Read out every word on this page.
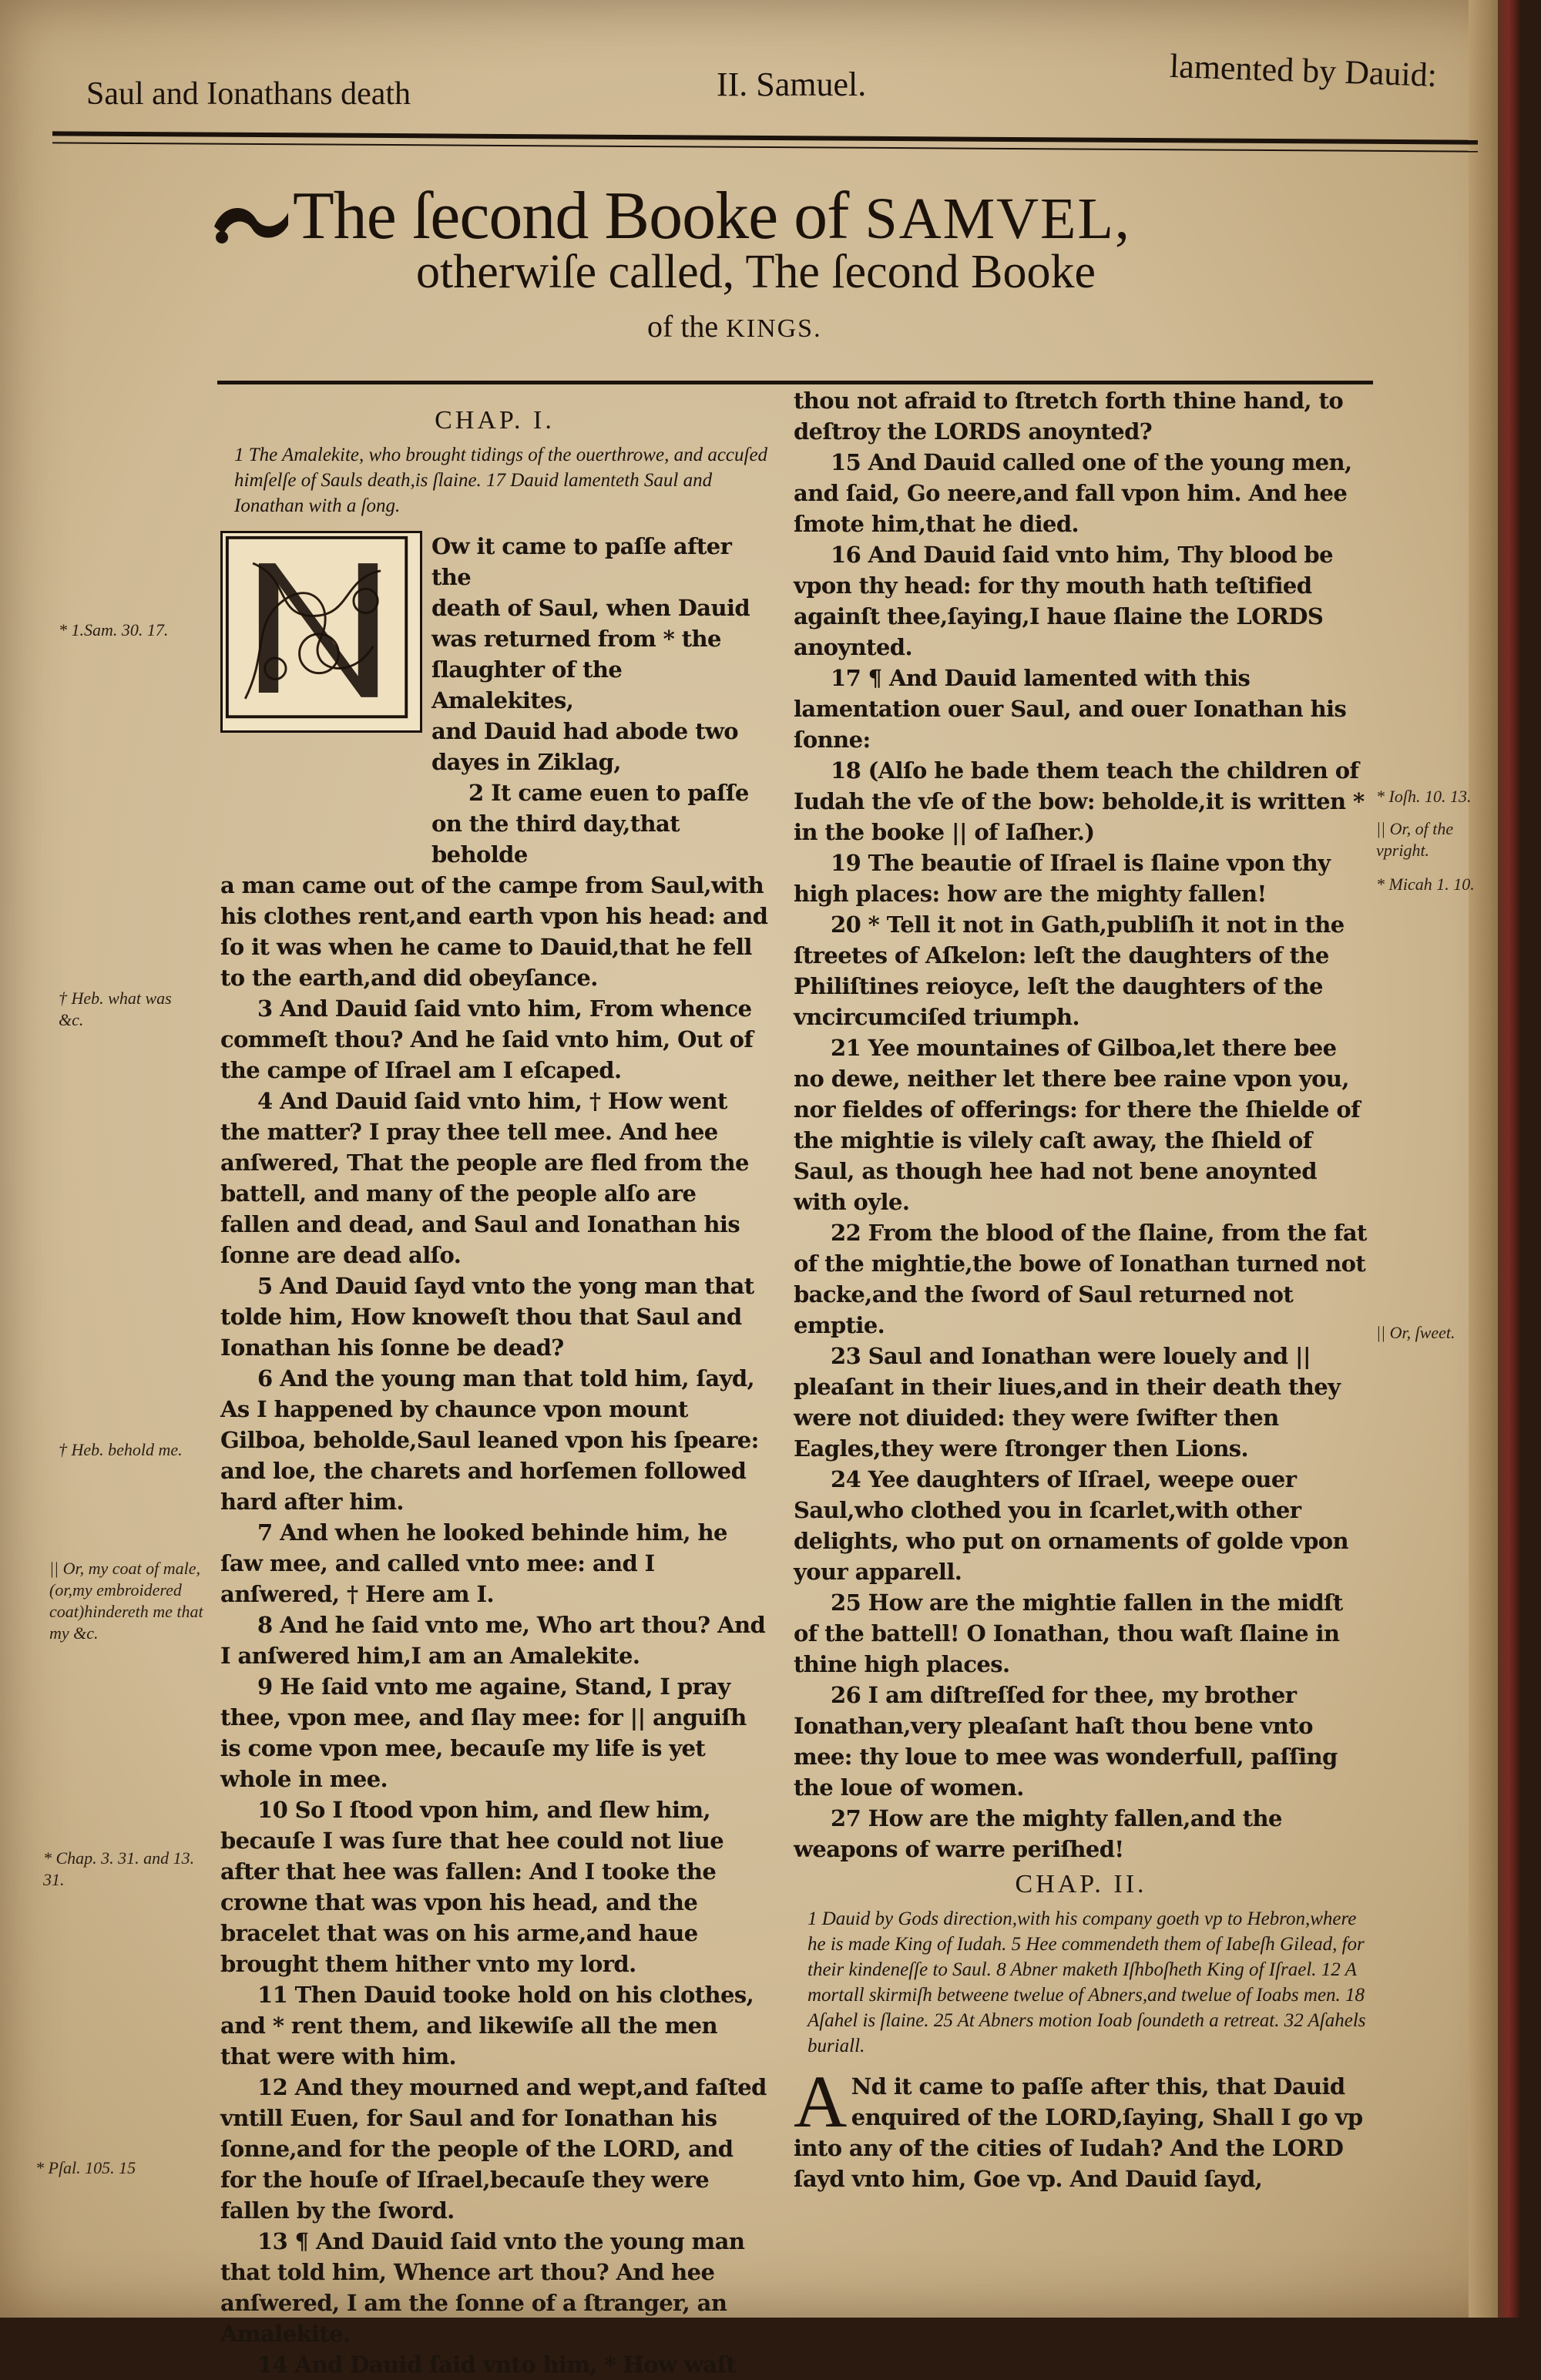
Saul and Ionathans death	II. Samuel.	lamented by Dauid:
The ſecond Booke of SAMVEL,
otherwiſe called, The ſecond Booke
of the KINGS.

CHAP. I.

1 The Amalekite, who brought tidings of the ouerthrowe, and accuſed himſelſe of Sauls death,is ſlaine. 17 Dauid lamenteth Saul and Ionathan with a ſong.

Ow it came to paſſe after the

death of Saul, when Dauid

was returned from * the

ſlaughter of the Amalekites,

and Dauid had abode two

dayes in Ziklag,

2 It came euen to paſſe

on the third day,that beholde

a man came out of the campe from Saul,with his clothes rent,and earth vpon his head: and ſo it was when he came to Dauid,that he fell to the earth,and did obeyſance.

3 And Dauid ſaid vnto him, From whence commeſt thou? And he ſaid vnto him, Out of the campe of Iſrael am I eſcaped.

4 And Dauid ſaid vnto him, † How went the matter? I pray thee tell mee. And hee anſwered, That the people are fled from the battell, and many of the people alſo are fallen and dead, and Saul and Ionathan his ſonne are dead alſo.

5 And Dauid ſayd vnto the yong man that tolde him, How knoweſt thou that Saul and Ionathan his ſonne be dead?

6 And the young man that told him, ſayd, As I happened by chaunce vpon mount Gilboa, beholde,Saul leaned vpon his ſpeare: and loe, the charets and horſemen followed hard after him.

7 And when he looked behinde him, he ſaw mee, and called vnto mee: and I anſwered, † Here am I.

8 And he ſaid vnto me, Who art thou? And I anſwered him,I am an Amalekite.

9 He ſaid vnto me againe, Stand, I pray thee, vpon mee, and ſlay mee: for || anguiſh is come vpon mee, becauſe my life is yet whole in mee.

10 So I ſtood vpon him, and ſlew him, becauſe I was ſure that hee could not liue after that hee was fallen: And I tooke the crowne that was vpon his head, and the bracelet that was on his arme,and haue brought them hither vnto my lord.

11 Then Dauid tooke hold on his clothes, and * rent them, and likewiſe all the men that were with him.

12 And they mourned and wept,and faſted vntill Euen, for Saul and for Ionathan his ſonne,and for the people of the LORD, and for the houſe of Iſrael,becauſe they were fallen by the ſword.

13 ¶ And Dauid ſaid vnto the young man that told him, Whence art thou? And hee anſwered, I am the ſonne of a ſtranger, an Amalekite.

14 And Dauid ſaid vnto him, * How waſt

thou not afraid to ſtretch forth thine hand, to deſtroy the LORDS anoynted?

15 And Dauid called one of the young men, and ſaid, Go neere,and fall vpon him. And hee ſmote him,that he died.

16 And Dauid ſaid vnto him, Thy blood be vpon thy head: for thy mouth hath teſtified againſt thee,ſaying,I haue ſlaine the LORDS anoynted.

17 ¶ And Dauid lamented with this lamentation ouer Saul, and ouer Ionathan his ſonne:

18 (Alſo he bade them teach the children of Iudah the vſe of the bow: beholde,it is written * in the booke || of Iaſher.)

19 The beautie of Iſrael is ſlaine vpon thy high places: how are the mighty fallen!

20 * Tell it not in Gath,publiſh it not in the ſtreetes of Aſkelon: leſt the daughters of the Philiſtines reioyce, leſt the daughters of the vncircumciſed triumph.

21 Yee mountaines of Gilboa,let there bee no dewe, neither let there bee raine vpon you, nor fieldes of offerings: for there the ſhielde of the mightie is vilely caſt away, the ſhield of Saul, as though hee had not bene anoynted with oyle.

22 From the blood of the ſlaine, from the fat of the mightie,the bowe of Ionathan turned not backe,and the ſword of Saul returned not emptie.

23 Saul and Ionathan were louely and || pleaſant in their liues,and in their death they were not diuided: they were ſwifter then Eagles,they were ſtronger then Lions.

24 Yee daughters of Iſrael, weepe ouer Saul,who clothed you in ſcarlet,with other delights, who put on ornaments of golde vpon your apparell.

25 How are the mightie fallen in the midſt of the battell! O Ionathan, thou waſt ſlaine in thine high places.

26 I am diſtreſſed for thee, my brother Ionathan,very pleaſant haſt thou bene vnto mee: thy loue to mee was wonderfull, paſſing the loue of women.

27 How are the mighty fallen,and the weapons of warre periſhed!

CHAP. II.

1 Dauid by Gods direction,with his company goeth vp to Hebron,where he is made King of Iudah. 5 Hee commendeth them of Iabeſh Gilead, for their kindeneſſe to Saul. 8 Abner maketh Iſhboſheth King of Iſrael. 12 A mortall skirmiſh betweene twelue of Abners,and twelue of Ioabs men. 18 Aſahel is ſlaine. 25 At Abners motion Ioab ſoundeth a retreat. 32 Aſahels buriall.

A Nd it came to paſſe after this, that Dauid enquired of the LORD,ſaying, Shall I go vp into any of the cities of Iudah? And the LORD ſayd vnto him, Goe vp. And Dauid ſayd,

* 1.Sam. 30. 17.
† Heb. what was &c.
† Heb. behold me.
|| Or, my coat of male,(or,my embroidered coat)hindereth me that my &c.
* Chap. 3. 31. and 13. 31.
* Pſal. 105. 15
* Ioſh. 10. 13.
|| Or, of the vpright.
* Micah 1. 10.
|| Or, ſweet.
